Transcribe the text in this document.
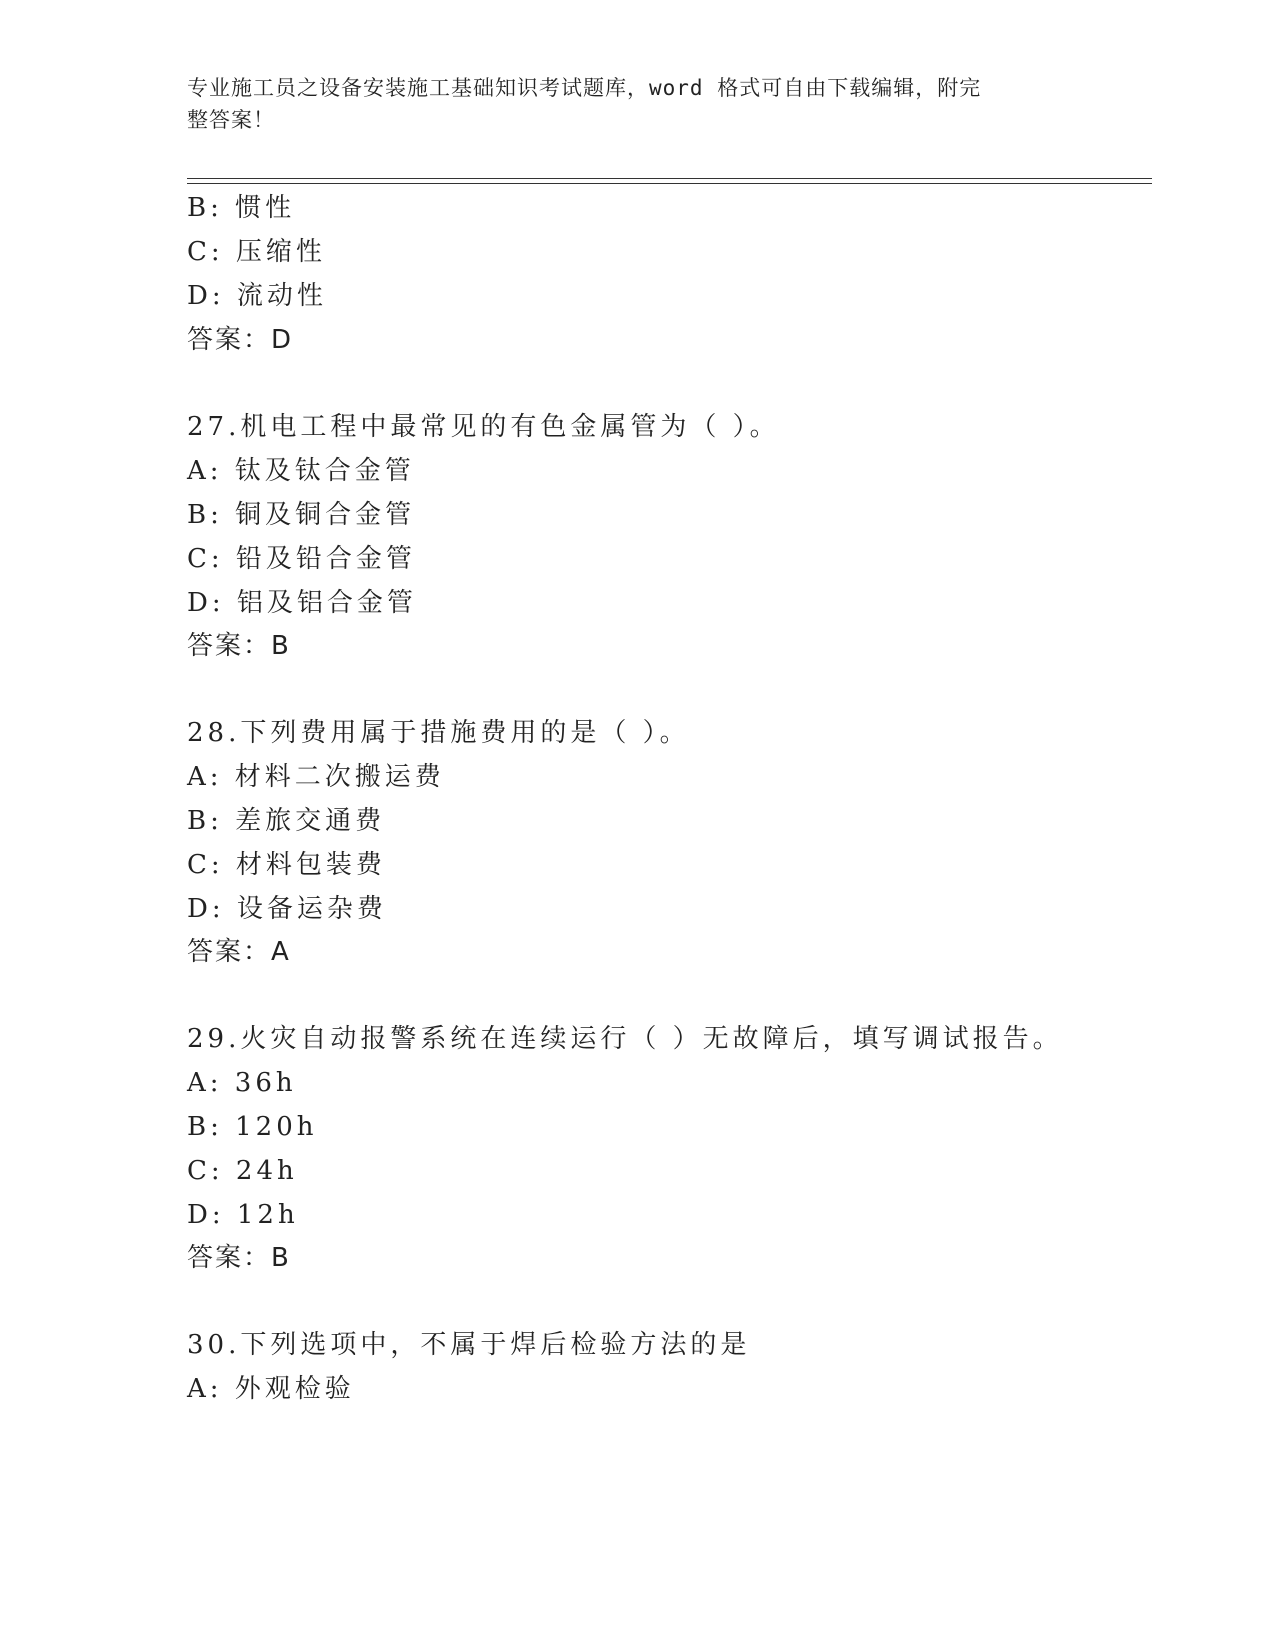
专业施工员之设备安装施工基础知识考试题库，word 格式可自由下载编辑，附完
整答案！
B: 惯性
C: 压缩性
D: 流动性
答案：D
27.机电工程中最常见的有色金属管为（ ）。
A: 钛及钛合金管
B: 铜及铜合金管
C: 铅及铅合金管
D: 铝及铝合金管
答案：B
28.下列费用属于措施费用的是（ ）。
A: 材料二次搬运费
B: 差旅交通费
C: 材料包装费
D: 设备运杂费
答案：A
29.火灾自动报警系统在连续运行（ ）无故障后，填写调试报告。
A: 36h
B: 120h
C: 24h
D: 12h
答案：B
30.下列选项中，不属于焊后检验方法的是
A: 外观检验
